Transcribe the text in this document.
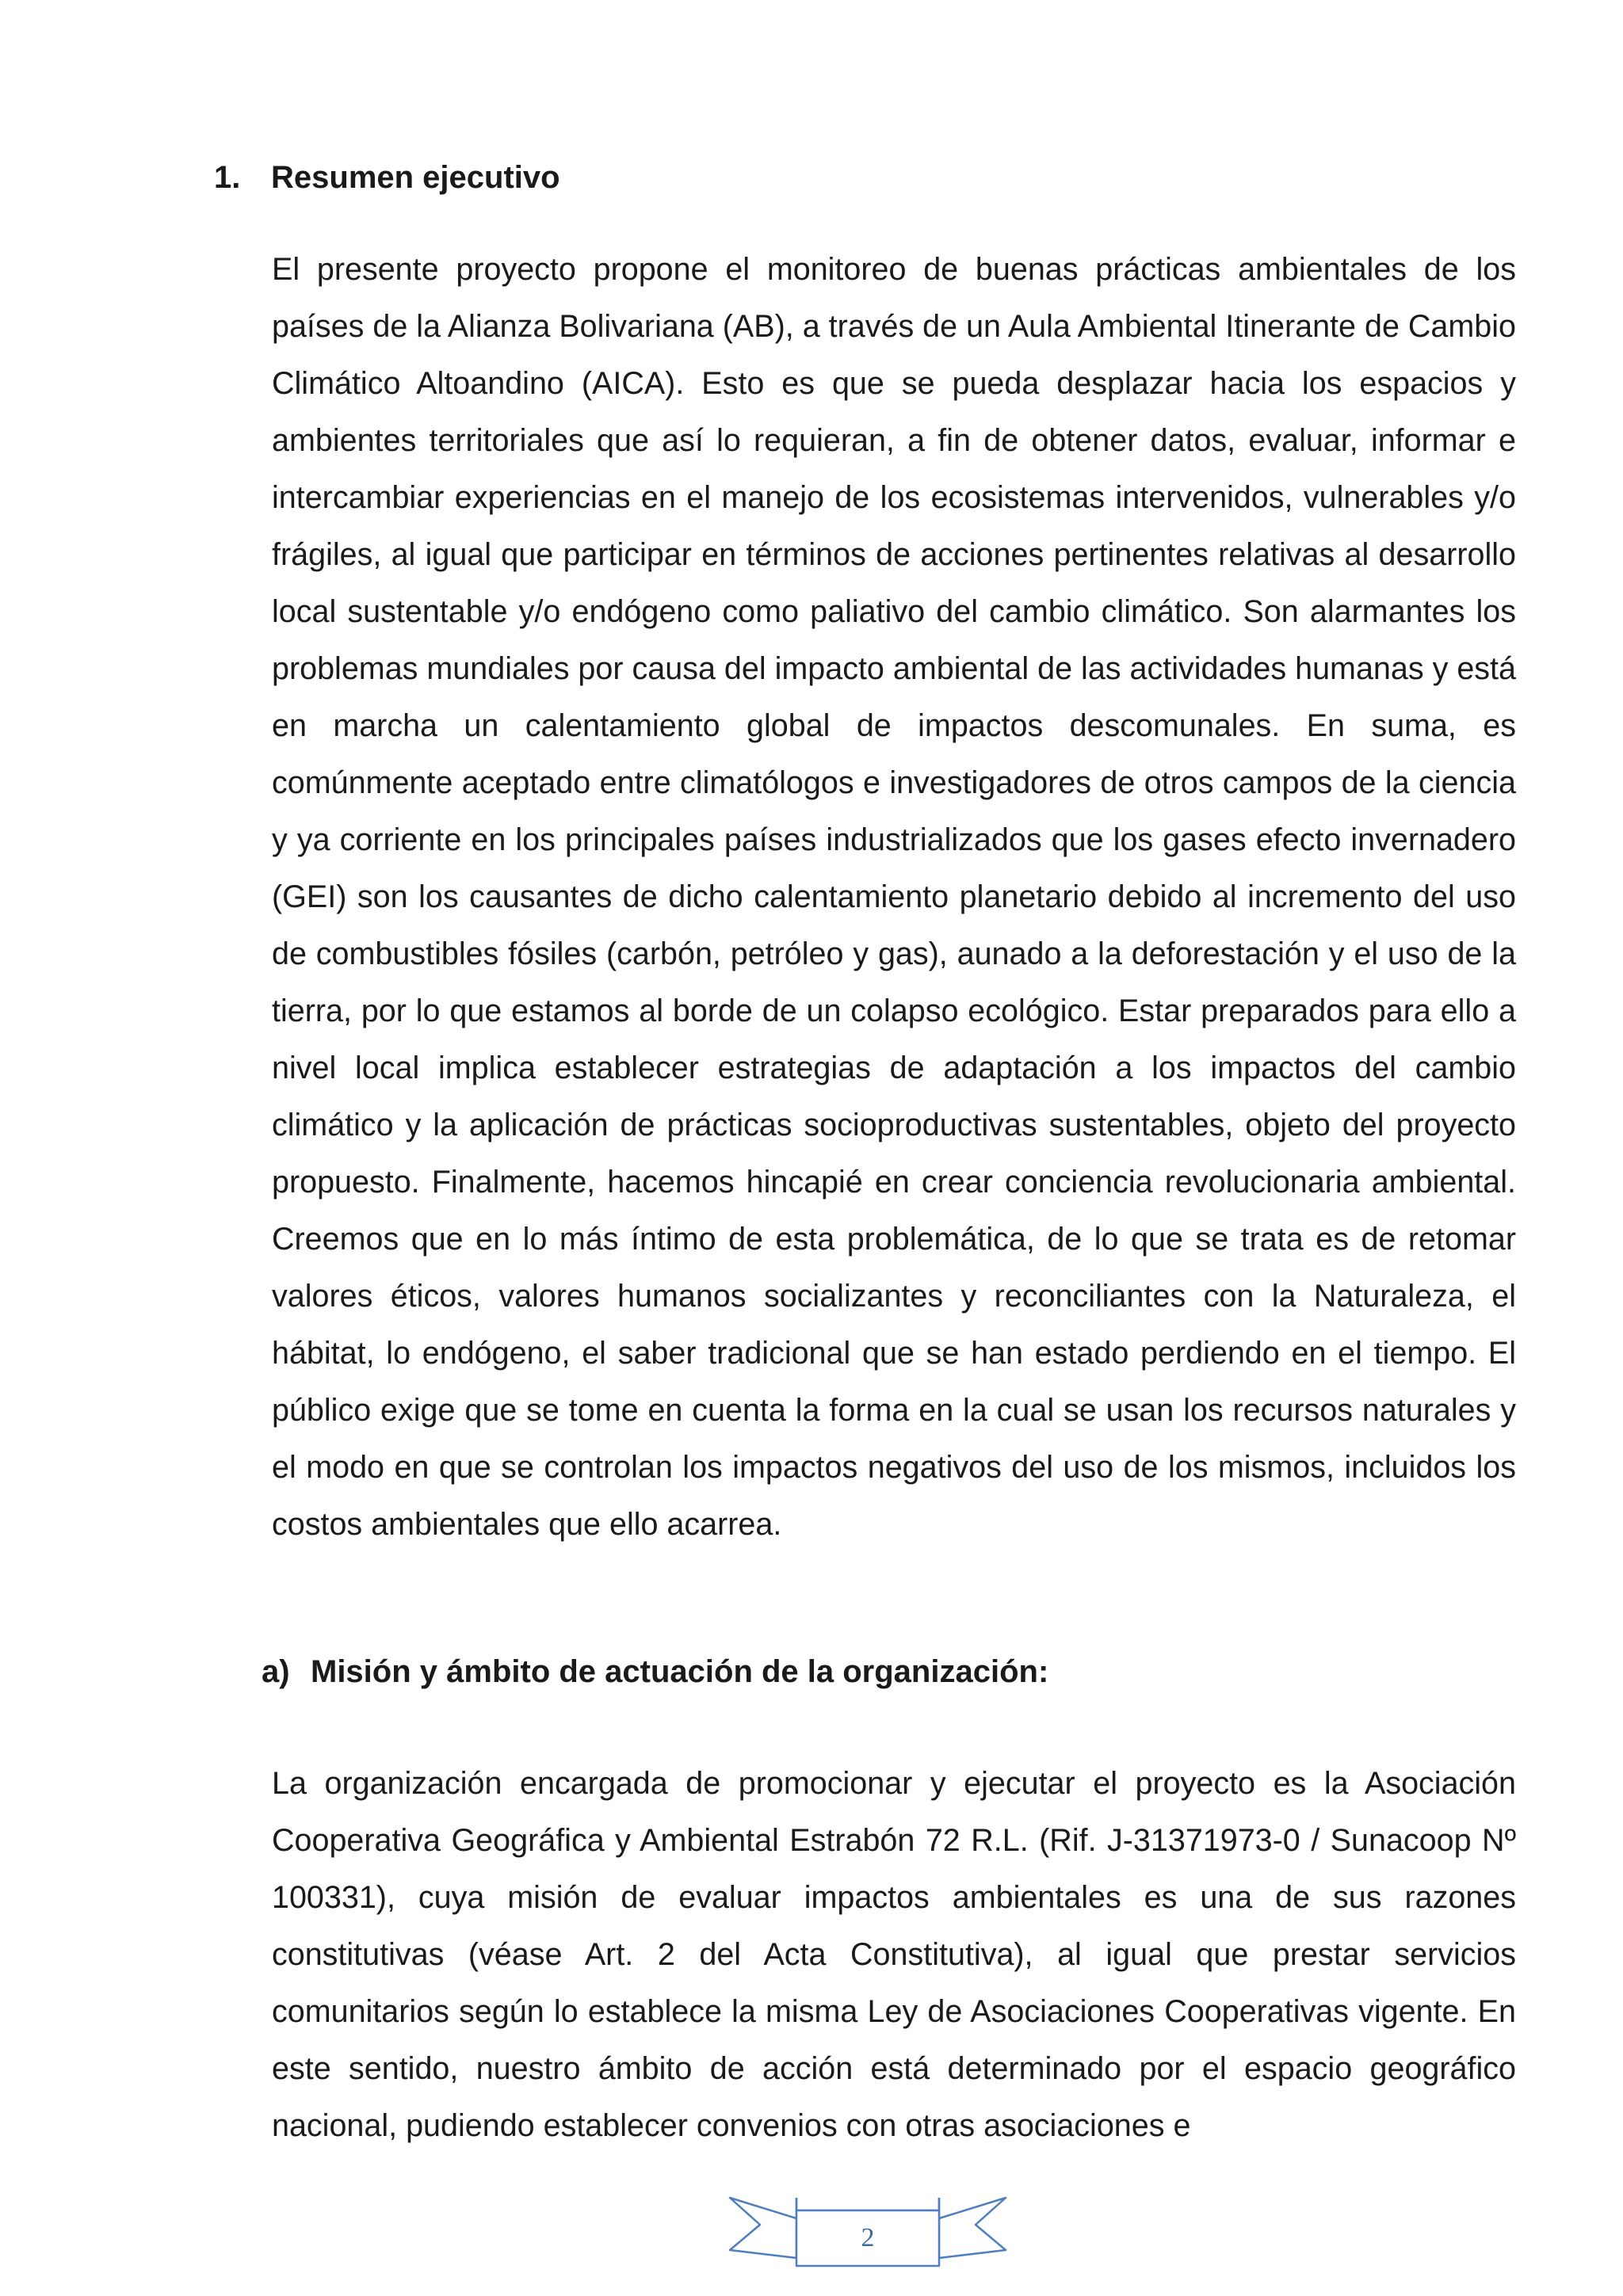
1. Resumen ejecutivo

El presente proyecto propone el monitoreo de buenas prácticas ambientales de los países de la Alianza Bolivariana (AB), a través de un Aula Ambiental Itinerante de Cambio Climático Altoandino (AICA). Esto es que se pueda desplazar hacia los espacios y ambientes territoriales que así lo requieran, a fin de obtener datos, evaluar, informar e intercambiar experiencias en el manejo de los ecosistemas intervenidos, vulnerables y/o frágiles, al igual que participar en términos de acciones pertinentes relativas al desarrollo local sustentable y/o endógeno como paliativo del cambio climático. Son alarmantes los problemas mundiales por causa del impacto ambiental de las actividades humanas y está en marcha un calentamiento global de impactos descomunales. En suma, es comúnmente aceptado entre climatólogos e investigadores de otros campos de la ciencia y ya corriente en los principales países industrializados que los gases efecto invernadero (GEI) son los causantes de dicho calentamiento planetario debido al incremento del uso de combustibles fósiles (carbón, petróleo y gas), aunado a la deforestación y el uso de la tierra, por lo que estamos al borde de un colapso ecológico. Estar preparados para ello a nivel local implica establecer estrategias de adaptación a los impactos del cambio climático y la aplicación de prácticas socioproductivas sustentables, objeto del proyecto propuesto. Finalmente, hacemos hincapié en crear conciencia revolucionaria ambiental. Creemos que en lo más íntimo de esta problemática, de lo que se trata es de retomar valores éticos, valores humanos socializantes y reconciliantes con la Naturaleza, el hábitat, lo endógeno, el saber tradicional que se han estado perdiendo en el tiempo. El público exige que se tome en cuenta la forma en la cual se usan los recursos naturales y el modo en que se controlan los impactos negativos del uso de los mismos, incluidos los costos ambientales que ello acarrea.

a) Misión y ámbito de actuación de la organización:

La organización encargada de promocionar y ejecutar el proyecto es la Asociación Cooperativa Geográfica y Ambiental Estrabón 72 R.L. (Rif. J-31371973-0 / Sunacoop Nº 100331), cuya misión de evaluar impactos ambientales es una de sus razones constitutivas (véase Art. 2 del Acta Constitutiva), al igual que prestar servicios comunitarios según lo establece la misma Ley de Asociaciones Cooperativas vigente. En este sentido, nuestro ámbito de acción está determinado por el espacio geográfico nacional, pudiendo establecer convenios con otras asociaciones e

2
